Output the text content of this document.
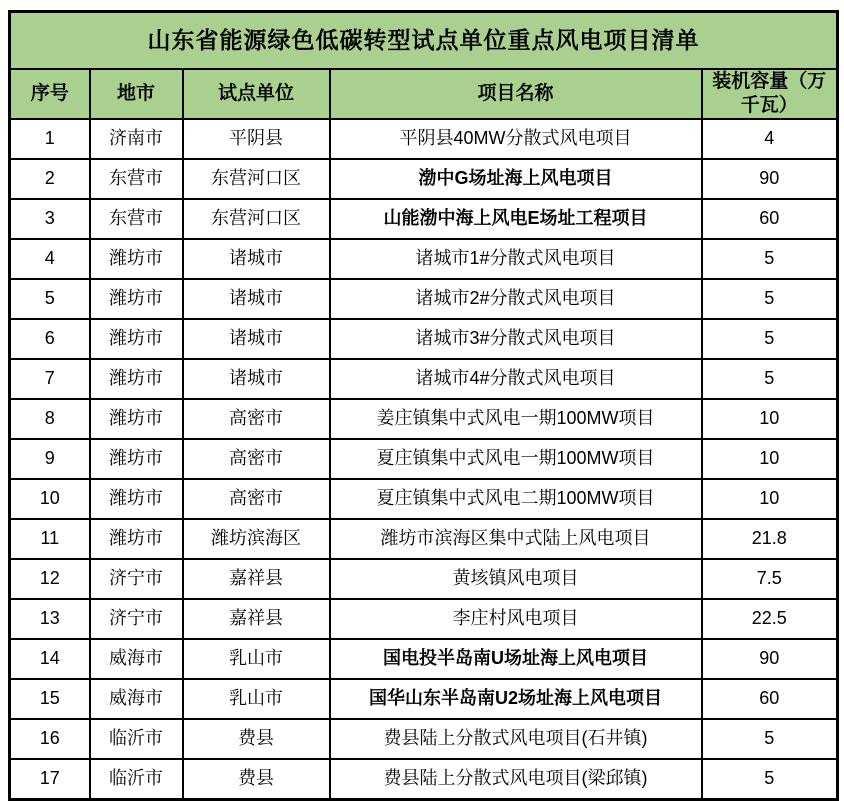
山东省能源绿色低碳转型试点单位重点风电项目清单				
序号	地市	试点单位	项目名称	装机容量（万千瓦）
1	济南市	平阴县	平阴县40MW分散式风电项目	4
2	东营市	东营河口区	渤中G场址海上风电项目	90
3	东营市	东营河口区	山能渤中海上风电E场址工程项目	60
4	潍坊市	诸城市	诸城市1#分散式风电项目	5
5	潍坊市	诸城市	诸城市2#分散式风电项目	5
6	潍坊市	诸城市	诸城市3#分散式风电项目	5
7	潍坊市	诸城市	诸城市4#分散式风电项目	5
8	潍坊市	高密市	姜庄镇集中式风电一期100MW项目	10
9	潍坊市	高密市	夏庄镇集中式风电一期100MW项目	10
10	潍坊市	高密市	夏庄镇集中式风电二期100MW项目	10
11	潍坊市	潍坊滨海区	潍坊市滨海区集中式陆上风电项目	21.8
12	济宁市	嘉祥县	黄垓镇风电项目	7.5
13	济宁市	嘉祥县	李庄村风电项目	22.5
14	威海市	乳山市	国电投半岛南U场址海上风电项目	90
15	威海市	乳山市	国华山东半岛南U2场址海上风电项目	60
16	临沂市	费县	费县陆上分散式风电项目(石井镇)	5
17	临沂市	费县	费县陆上分散式风电项目(梁邱镇)	5
